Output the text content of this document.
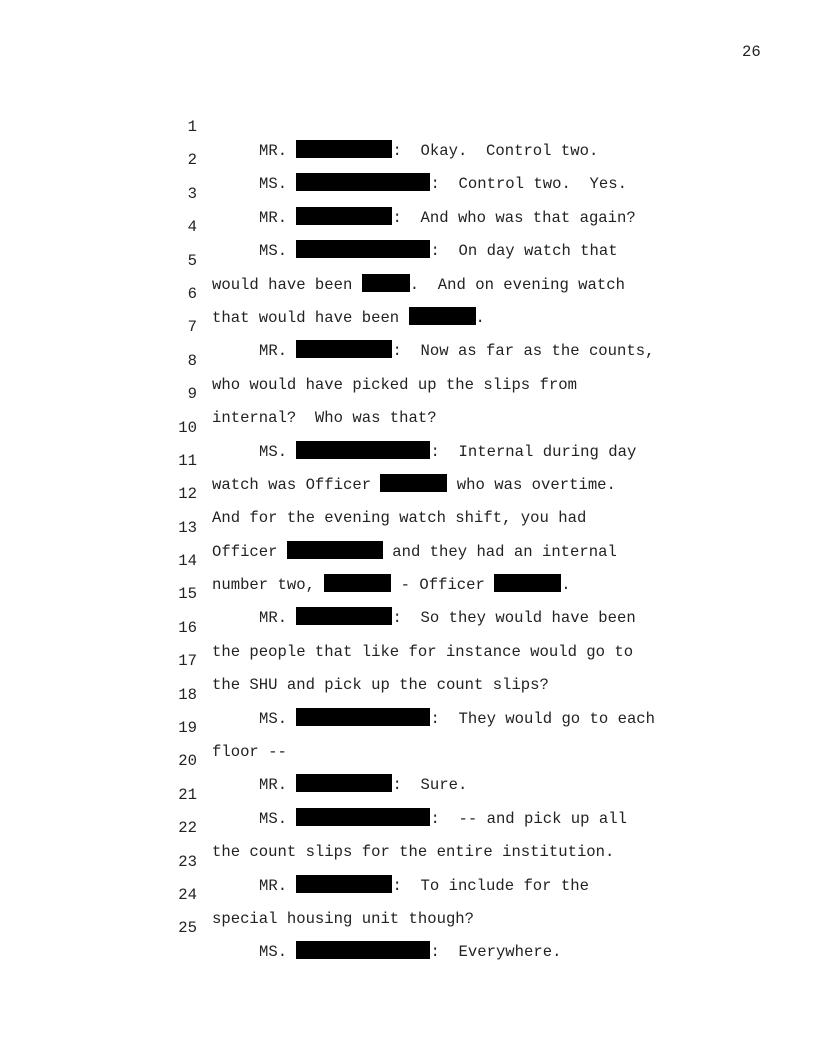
26

1

MR.	:  Okay.  Control two.

2

MS.	:  Control two.  Yes.

3

MR.	:  And who was that again?

4

MS.	:  On day watch that

5

would have been	.  And on evening watch

6

that would have been	.

7

MR.	:  Now as far as the counts,

8

who would have picked up the slips from

9

internal?  Who was that?

10

MS.	:  Internal during day

11

watch was Officer	who was overtime.

12

And for the evening watch shift, you had

13

Officer	and they had an internal

14

number two,	- Officer	.

15

MR.	:  So they would have been

16

the people that like for instance would go to

17

the SHU and pick up the count slips?

18

MS.	:  They would go to each

19

floor --

20

MR.	:  Sure.

21

MS.	:  -- and pick up all

22

the count slips for the entire institution.

23

MR.	:  To include for the

24

special housing unit though?

25

MS.	:  Everywhere.
